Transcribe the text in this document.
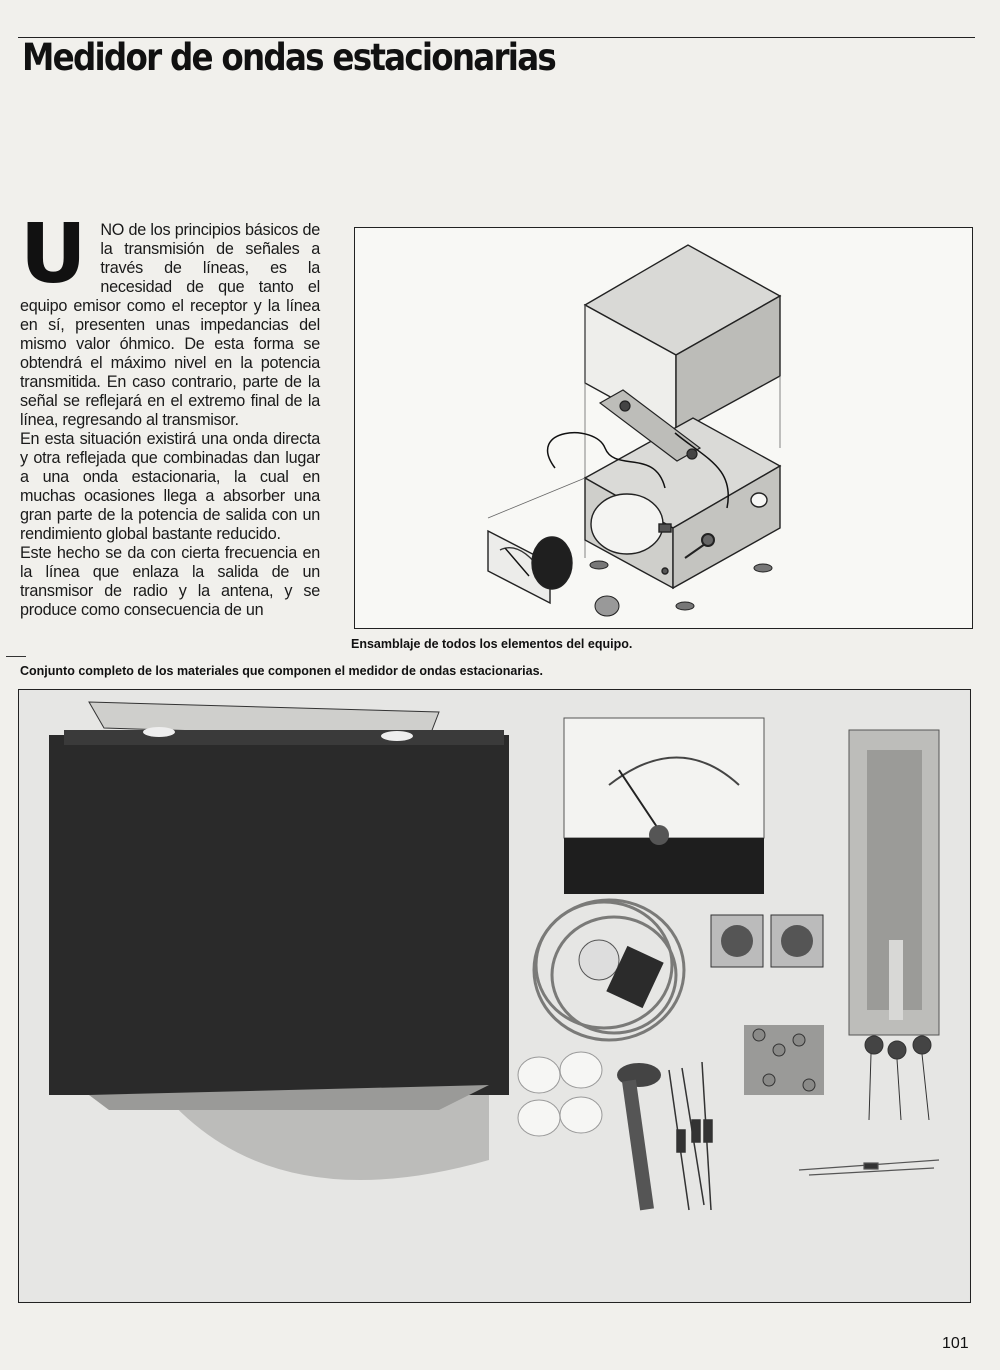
Medidor de ondas estacionarias

UNO de los principios básicos de la transmisión de señales a través de líneas, es la necesidad de que tanto el equipo emisor como el receptor y la línea en sí, presenten unas impedancias del mismo valor óhmico. De esta forma se obtendrá el máximo nivel en la potencia transmitida. En caso contrario, parte de la señal se reflejará en el extremo final de la línea, regresando al transmisor.

En esta situación existirá una onda directa y otra reflejada que combinadas dan lugar a una onda estacionaria, la cual en muchas ocasiones llega a absorber una gran parte de la potencia de salida con un rendimiento global bastante reducido.

Este hecho se da con cierta frecuencia en la línea que enlaza la salida de un transmisor de radio y la antena, y se produce como consecuencia de un

Ensamblaje de todos los elementos del equipo.
Conjunto completo de los materiales que componen el medidor de ondas estacionarias.
101
